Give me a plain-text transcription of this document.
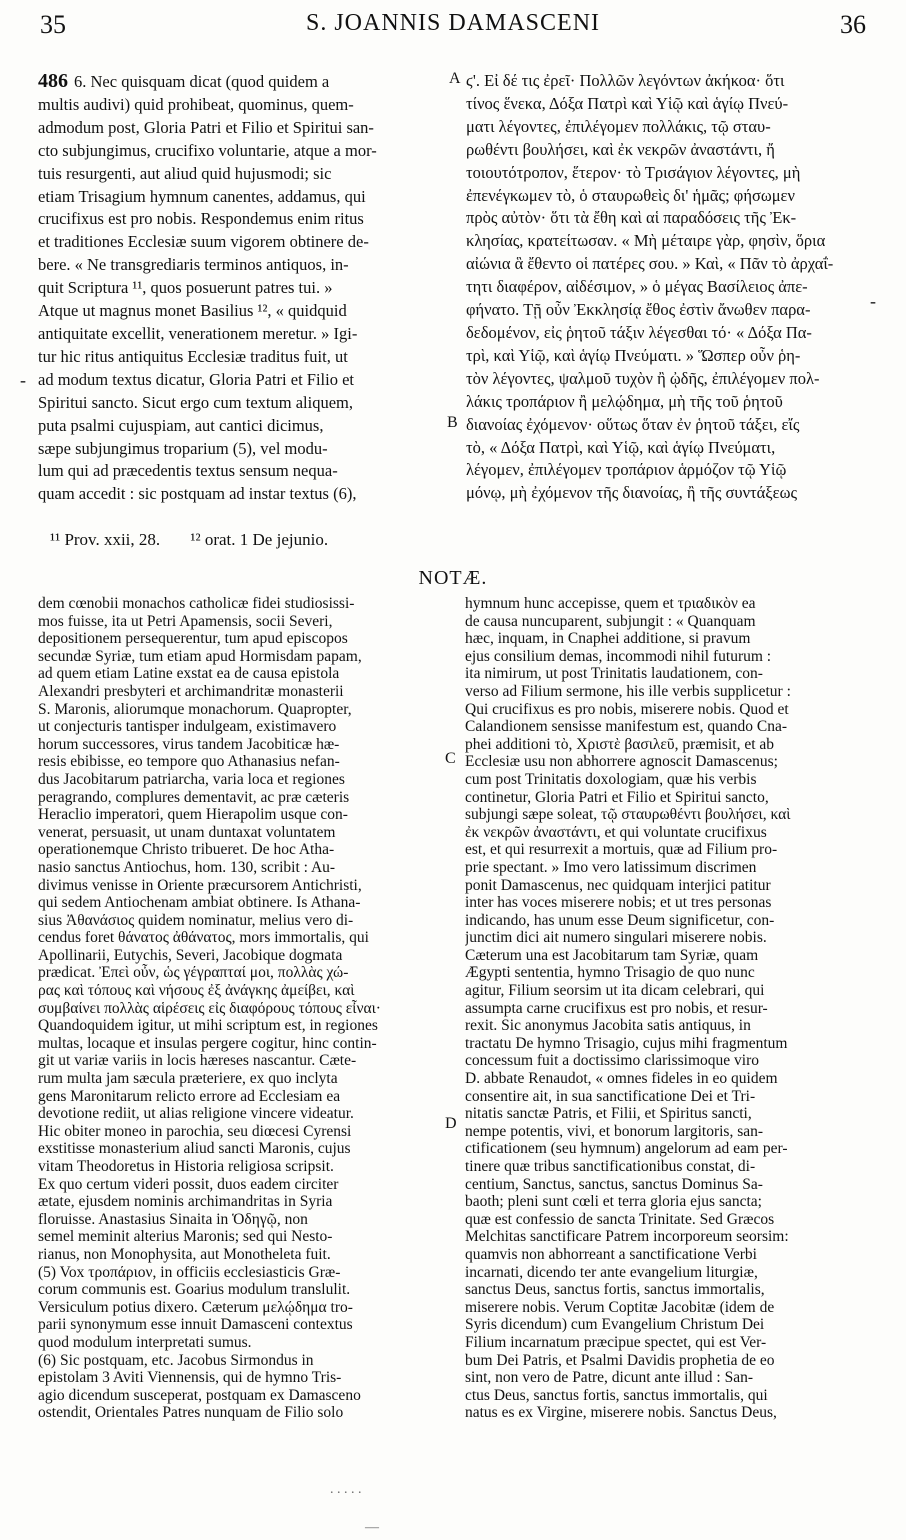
35	S. JOANNIS DAMASCENI	36
486 6. Nec quisquam dicat (quod quidem a
multis audivi) quid prohibeat, quominus, quem-
admodum post, Gloria Patri et Filio et Spiritui san-
cto subjungimus, crucifixo voluntarie, atque a mor-
tuis resurgenti, aut aliud quid hujusmodi; sic
etiam Trisagium hymnum canentes, addamus, qui
crucifixus est pro nobis. Respondemus enim ritus
et traditiones Ecclesiæ suum vigorem obtinere de-
bere. « Ne transgrediaris terminos antiquos, in-
quit Scriptura ¹¹, quos posuerunt patres tui. »
Atque ut magnus monet Basilius ¹², « quidquid
antiquitate excellit, venerationem meretur. » Igi-
tur hic ritus antiquitus Ecclesiæ traditus fuit, ut
ad modum textus dicatur, Gloria Patri et Filio et
Spiritui sancto. Sicut ergo cum textum aliquem,
puta psalmi cujuspiam, aut cantici dicimus,
sæpe subjungimus troparium (5), vel modu-
lum qui ad præcedentis textus sensum nequa-
quam accedit : sic postquam ad instar textus (6),
A
B
-
-
ϛ'. Εἰ δέ τις ἐρεῖ· Πολλῶν λεγόντων ἀκήκοα· ὅτι
τίνος ἕνεκα, Δόξα Πατρὶ καὶ Υἱῷ καὶ ἁγίῳ Πνεύ-
ματι λέγοντες, ἐπιλέγομεν πολλάκις, τῷ σταυ-
ρωθέντι βουλήσει, καὶ ἐκ νεκρῶν ἀναστάντι, ἤ
τοιουτότροπον, ἕτερον· τὸ Τρισάγιον λέγοντες, μὴ
ἐπενέγκωμεν τὸ, ὁ σταυρωθεὶς δι' ἡμᾶς; φήσωμεν
πρὸς αὐτὸν· ὅτι τὰ ἔθη καὶ αἱ παραδόσεις τῆς Ἐκ-
κλησίας, κρατείτωσαν. « Μὴ μέταιρε γὰρ, φησὶν, ὅρια
αἰώνια ἃ ἔθεντο οἱ πατέρες σου. » Καὶ, « Πᾶν τὸ ἀρχαΐ-
τητι διαφέρον, αἰδέσιμον, » ὁ μέγας Βασίλειος ἀπε-
φήνατο. Τῇ οὖν Ἐκκλησίᾳ ἔθος ἐστὶν ἄνωθεν παρα-
δεδομένον, εἰς ῥητοῦ τάξιν λέγεσθαι τό· « Δόξα Πα-
τρὶ, καὶ Υἱῷ, καὶ ἁγίῳ Πνεύματι. » Ὥσπερ οὖν ῥη-
τὸν λέγοντες, ψαλμοῦ τυχὸν ἢ ᾠδῆς, ἐπιλέγομεν πολ-
λάκις τροπάριον ἢ μελῴδημα, μὴ τῆς τοῦ ῥητοῦ
διανοίας ἐχόμενον· οὕτως ὅταν ἐν ῥητοῦ τάξει, εἴς
τὸ, « Δόξα Πατρὶ, καὶ Υἱῷ, καὶ ἁγίῳ Πνεύματι,
λέγομεν, ἐπιλέγομεν τροπάριον ἁρμόζον τῷ Υἱῷ
μόνῳ, μὴ ἐχόμενον τῆς διανοίας, ἢ τῆς συντάξεως
¹¹ Prov. xxii, 28. ¹² orat. 1 De jejunio.
NOTÆ.
C
D
dem cœnobii monachos catholicæ fidei studiosissi-
mos fuisse, ita ut Petri Apamensis, socii Severi,
depositionem persequerentur, tum apud episcopos
secundæ Syriæ, tum etiam apud Hormisdam papam,
ad quem etiam Latine exstat ea de causa epistola
Alexandri presbyteri et archimandritæ monasterii
S. Maronis, aliorumque monachorum. Quapropter,
ut conjecturis tantisper indulgeam, existimavero
horum successores, virus tandem Jacobiticæ hæ-
resis ebibisse, eo tempore quo Athanasius nefan-
dus Jacobitarum patriarcha, varia loca et regiones
peragrando, complures dementavit, ac præ cæteris
Heraclio imperatori, quem Hierapolim usque con-
venerat, persuasit, ut unam duntaxat voluntatem
operationemque Christo tribueret. De hoc Atha-
nasio sanctus Antiochus, hom. 130, scribit : Au-
divimus venisse in Oriente præcursorem Antichristi,
qui sedem Antiochenam ambiat obtinere. Is Athana-
sius Ἀθανάσιος quidem nominatur, melius vero di-
cendus foret θάνατος ἀθάνατος, mors immortalis, qui
Apollinarii, Eutychis, Severi, Jacobique dogmata
prædicat. Ἐπεὶ οὖν, ὡς γέγραπταί μοι, πολλὰς χώ-
ρας καὶ τόπους καὶ νήσους ἐξ ἀνάγκης ἀμείβει, καὶ
συμβαίνει πολλὰς αἱρέσεις εἰς διαφόρους τόπους εἶναι·
Quandoquidem igitur, ut mihi scriptum est, in regiones
multas, locaque et insulas pergere cogitur, hinc contin-
git ut variæ variis in locis hæreses nascantur. Cæte-
rum multa jam sæcula præteriere, ex quo inclyta
gens Maronitarum relicto errore ad Ecclesiam ea
devotione rediit, ut alias religione vincere videatur.
Hic obiter moneo in parochia, seu diœcesi Cyrensi
exstitisse monasterium aliud sancti Maronis, cujus
vitam Theodoretus in Historia religiosa scripsit.
Ex quo certum videri possit, duos eadem circiter
ætate, ejusdem nominis archimandritas in Syria
floruisse. Anastasius Sinaita in Ὁδηγῷ, non
semel meminit alterius Maronis; sed qui Nesto-
rianus, non Monophysita, aut Monotheleta fuit.
(5) Vox τροπάριον, in officiis ecclesiasticis Græ-
corum communis est. Goarius modulum translulit.
Versiculum potius dixero. Cæterum μελῴδημα tro-
parii synonymum esse innuit Damasceni contextus
quod modulum interpretati sumus.
(6) Sic postquam, etc. Jacobus Sirmondus in
epistolam 3 Aviti Viennensis, qui de hymno Tris-
agio dicendum susceperat, postquam ex Damasceno
ostendit, Orientales Patres nunquam de Filio solo
hymnum hunc accepisse, quem et τριαδικὸν ea
de causa nuncuparent, subjungit : « Quanquam
hæc, inquam, in Cnaphei additione, si pravum
ejus consilium demas, incommodi nihil futurum :
ita nimirum, ut post Trinitatis laudationem, con-
verso ad Filium sermone, his ille verbis supplicetur :
Qui crucifixus es pro nobis, miserere nobis. Quod et
Calandionem sensisse manifestum est, quando Cna-
phei additioni τὸ, Χριστὲ βασιλεῦ, præmisit, et ab
Ecclesiæ usu non abhorrere agnoscit Damascenus;
cum post Trinitatis doxologiam, quæ his verbis
continetur, Gloria Patri et Filio et Spiritui sancto,
subjungi sæpe soleat, τῷ σταυρωθέντι βουλήσει, καὶ
ἐκ νεκρῶν ἀναστάντι, et qui voluntate crucifixus
est, et qui resurrexit a mortuis, quæ ad Filium pro-
prie spectant. » Imo vero latissimum discrimen
ponit Damascenus, nec quidquam interjici patitur
inter has voces miserere nobis; et ut tres personas
indicando, has unum esse Deum significetur, con-
junctim dici ait numero singulari miserere nobis.
Cæterum una est Jacobitarum tam Syriæ, quam
Ægypti sententia, hymno Trisagio de quo nunc
agitur, Filium seorsim ut ita dicam celebrari, qui
assumpta carne crucifixus est pro nobis, et resur-
rexit. Sic anonymus Jacobita satis antiquus, in
tractatu De hymno Trisagio, cujus mihi fragmentum
concessum fuit a doctissimo clarissimoque viro
D. abbate Renaudot, « omnes fideles in eo quidem
consentire ait, in sua sanctificatione Dei et Tri-
nitatis sanctæ Patris, et Filii, et Spiritus sancti,
nempe potentis, vivi, et bonorum largitoris, san-
ctificationem (seu hymnum) angelorum ad eam per-
tinere quæ tribus sanctificationibus constat, di-
centium, Sanctus, sanctus, sanctus Dominus Sa-
baoth; pleni sunt cœli et terra gloria ejus sancta;
quæ est confessio de sancta Trinitate. Sed Græcos
Melchitas sanctificare Patrem incorporeum seorsim:
quamvis non abhorreant a sanctificatione Verbi
incarnati, dicendo ter ante evangelium liturgiæ,
sanctus Deus, sanctus fortis, sanctus immortalis,
miserere nobis. Verum Coptitæ Jacobitæ (idem de
Syris dicendum) cum Evangelium Christum Dei
Filium incarnatum præcipue spectet, qui est Ver-
bum Dei Patris, et Psalmi Davidis prophetia de eo
sint, non vero de Patre, dicunt ante illud : San-
ctus Deus, sanctus fortis, sanctus immortalis, qui
natus es ex Virgine, miserere nobis. Sanctus Deus,
. . . . .
—
